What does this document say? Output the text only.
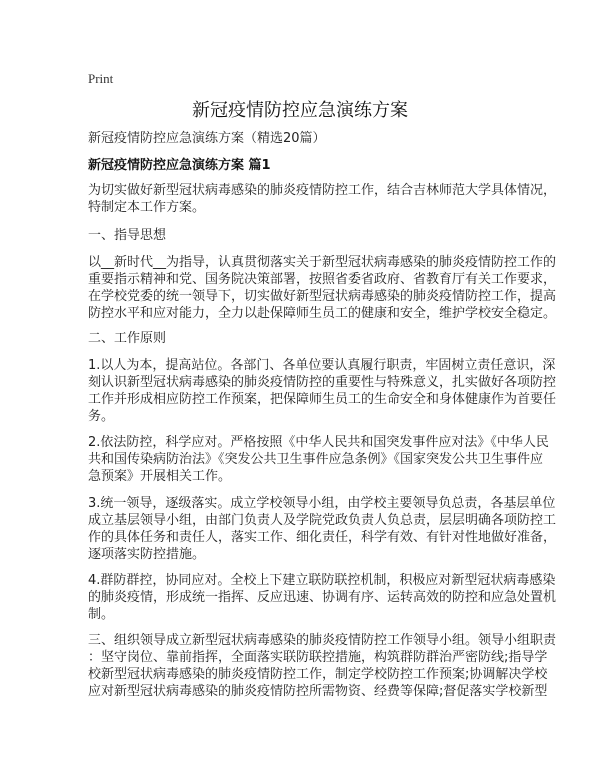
Print
新冠疫情防控应急演练方案
新冠疫情防控应急演练方案（精选20篇）
新冠疫情防控应急演练方案 篇1
为切实做好新型冠状病毒感染的肺炎疫情防控工作，结合吉林师范大学具体情况，
特制定本工作方案。
一、指导思想
以__新时代__为指导，认真贯彻落实关于新型冠状病毒感染的肺炎疫情防控工作的
重要指示精神和党、国务院决策部署，按照省委省政府、省教育厅有关工作要求，
在学校党委的统一领导下，切实做好新型冠状病毒感染的肺炎疫情防控工作，提高
防控水平和应对能力，全力以赴保障师生员工的健康和安全，维护学校安全稳定。
二、工作原则
1.以人为本，提高站位。各部门、各单位要认真履行职责，牢固树立责任意识，深
刻认识新型冠状病毒感染的肺炎疫情防控的重要性与特殊意义，扎实做好各项防控
工作并形成相应防控工作预案，把保障师生员工的生命安全和身体健康作为首要任
务。
2.依法防控，科学应对。严格按照《中华人民共和国突发事件应对法》《中华人民
共和国传染病防治法》《突发公共卫生事件应急条例》《国家突发公共卫生事件应
急预案》开展相关工作。
3.统一领导，逐级落实。成立学校领导小组，由学校主要领导负总责，各基层单位
成立基层领导小组，由部门负责人及学院党政负责人负总责，层层明确各项防控工
作的具体任务和责任人，落实工作、细化责任，科学有效、有针对性地做好准备，
逐项落实防控措施。
4.群防群控，协同应对。全校上下建立联防联控机制，积极应对新型冠状病毒感染
的肺炎疫情，形成统一指挥、反应迅速、协调有序、运转高效的防控和应急处置机
制。
三、组织领导成立新型冠状病毒感染的肺炎疫情防控工作领导小组。领导小组职责
：坚守岗位、靠前指挥，全面落实联防联控措施，构筑群防群治严密防线;指导学
校新型冠状病毒感染的肺炎疫情防控工作，制定学校防控工作预案;协调解决学校
应对新型冠状病毒感染的肺炎疫情防控所需物资、经费等保障;督促落实学校新型
